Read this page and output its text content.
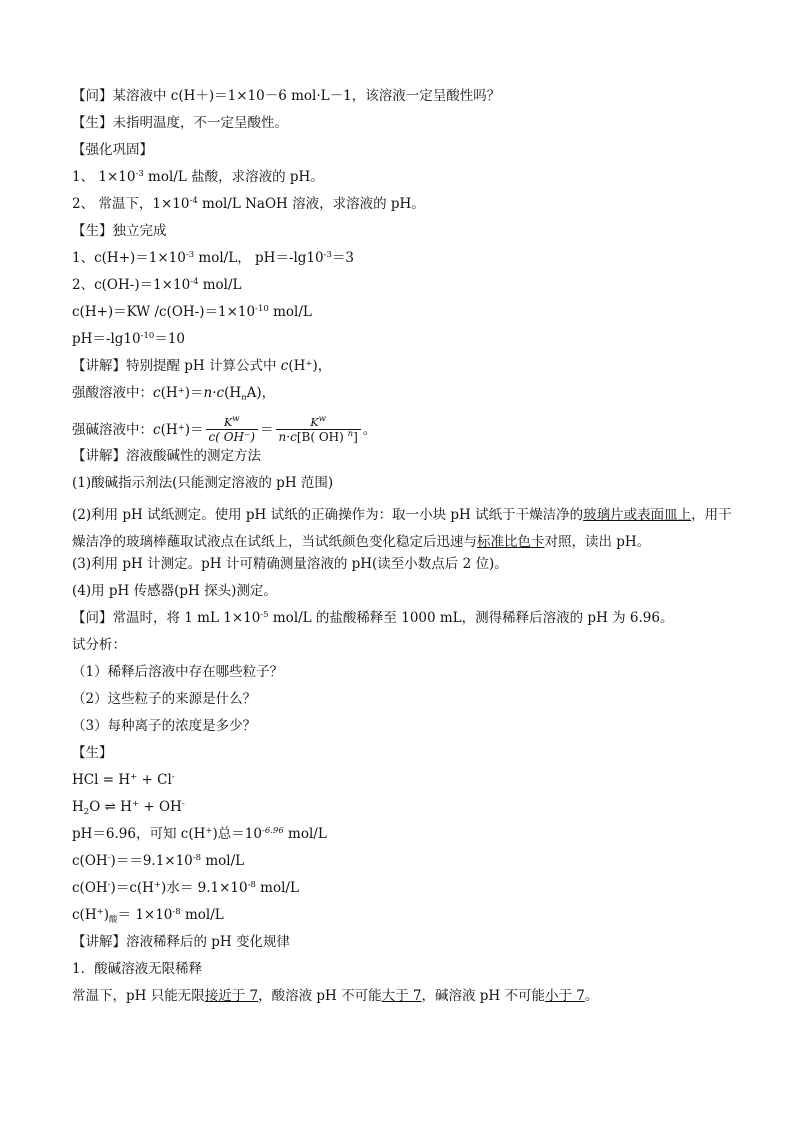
【问】某溶液中 c(H＋)＝1×10－6 mol·L－1，该溶液一定呈酸性吗？
【生】未指明温度，不一定呈酸性。
【强化巩固】
1、 $1\times 10^{-3}$ mol/L 盐酸，求溶液的 pH。
2、 常温下，$1\times 10^{-4}$ mol/L NaOH 溶液，求溶液的 pH。
【生】独立完成
1、$c(H+)=1\times 10^{-3}$ mol/L， $pH=-\lg 10^{-3}=3$
2、$c(OH-)=1\times 10^{-4}$ mol/L
c(H+)＝KW $/c(OH-)=1\times 10^{-10}$ mol/L
$pH=-\lg 10^{-10}=10$
【讲解】特别提醒 pH 计算公式中 c(H⁺)，
强酸溶液中：$c(H^+)=n\cdot c(H_nA)$，
强碱溶液中：$c(H^+)= \frac{K^w}{c( OH^-)} = \frac{K^w}{n\cdot c[B( OH) ^n]}$ 。
【讲解】溶液酸碱性的测定方法
(1)酸碱指示剂法(只能测定溶液的 pH 范围)
(2)利用 pH 试纸测定。使用 pH 试纸的正确操作为：取一小块 pH 试纸于干燥洁净的玻璃片或表面皿上，用干燥洁净的玻璃棒蘸取试液点在试纸上，当试纸颜色变化稳定后迅速与标准比色卡对照，读出 pH。
(3)利用 pH 计测定。pH 计可精确测量溶液的 pH(读至小数点后 2 位)。
(4)用 pH 传感器(pH 探头)测定。
【问】常温时，将 1 mL $1\times 10^{-5}$ mol/L 的盐酸稀释至 1000 mL，测得稀释后溶液的 pH 为 6.96。
试分析：
（1）稀释后溶液中存在哪些粒子？
（2）这些粒子的来源是什么？
（3）每种离子的浓度是多少？
【生】
HCl = H+ + Cl-
$H_2O$ ⇌ H+ + OH-
pH＝6.96，可知 c(H+)总$=10^{-6.96}$ mol/L
$c(OH^-)==9.1\times 10^{-8}$ mol/L
c(OH-)＝c(H+)水＝ $9.1\times 10^{-8}$ mol/L
$c(H^+)_酸= 1\times 10^{-8}$ mol/L
【讲解】溶液稀释后的 pH 变化规律
1．酸碱溶液无限稀释
常温下，pH 只能无限接近于 7，酸溶液 pH 不可能大于 7，碱溶液 pH 不可能小于 7。
